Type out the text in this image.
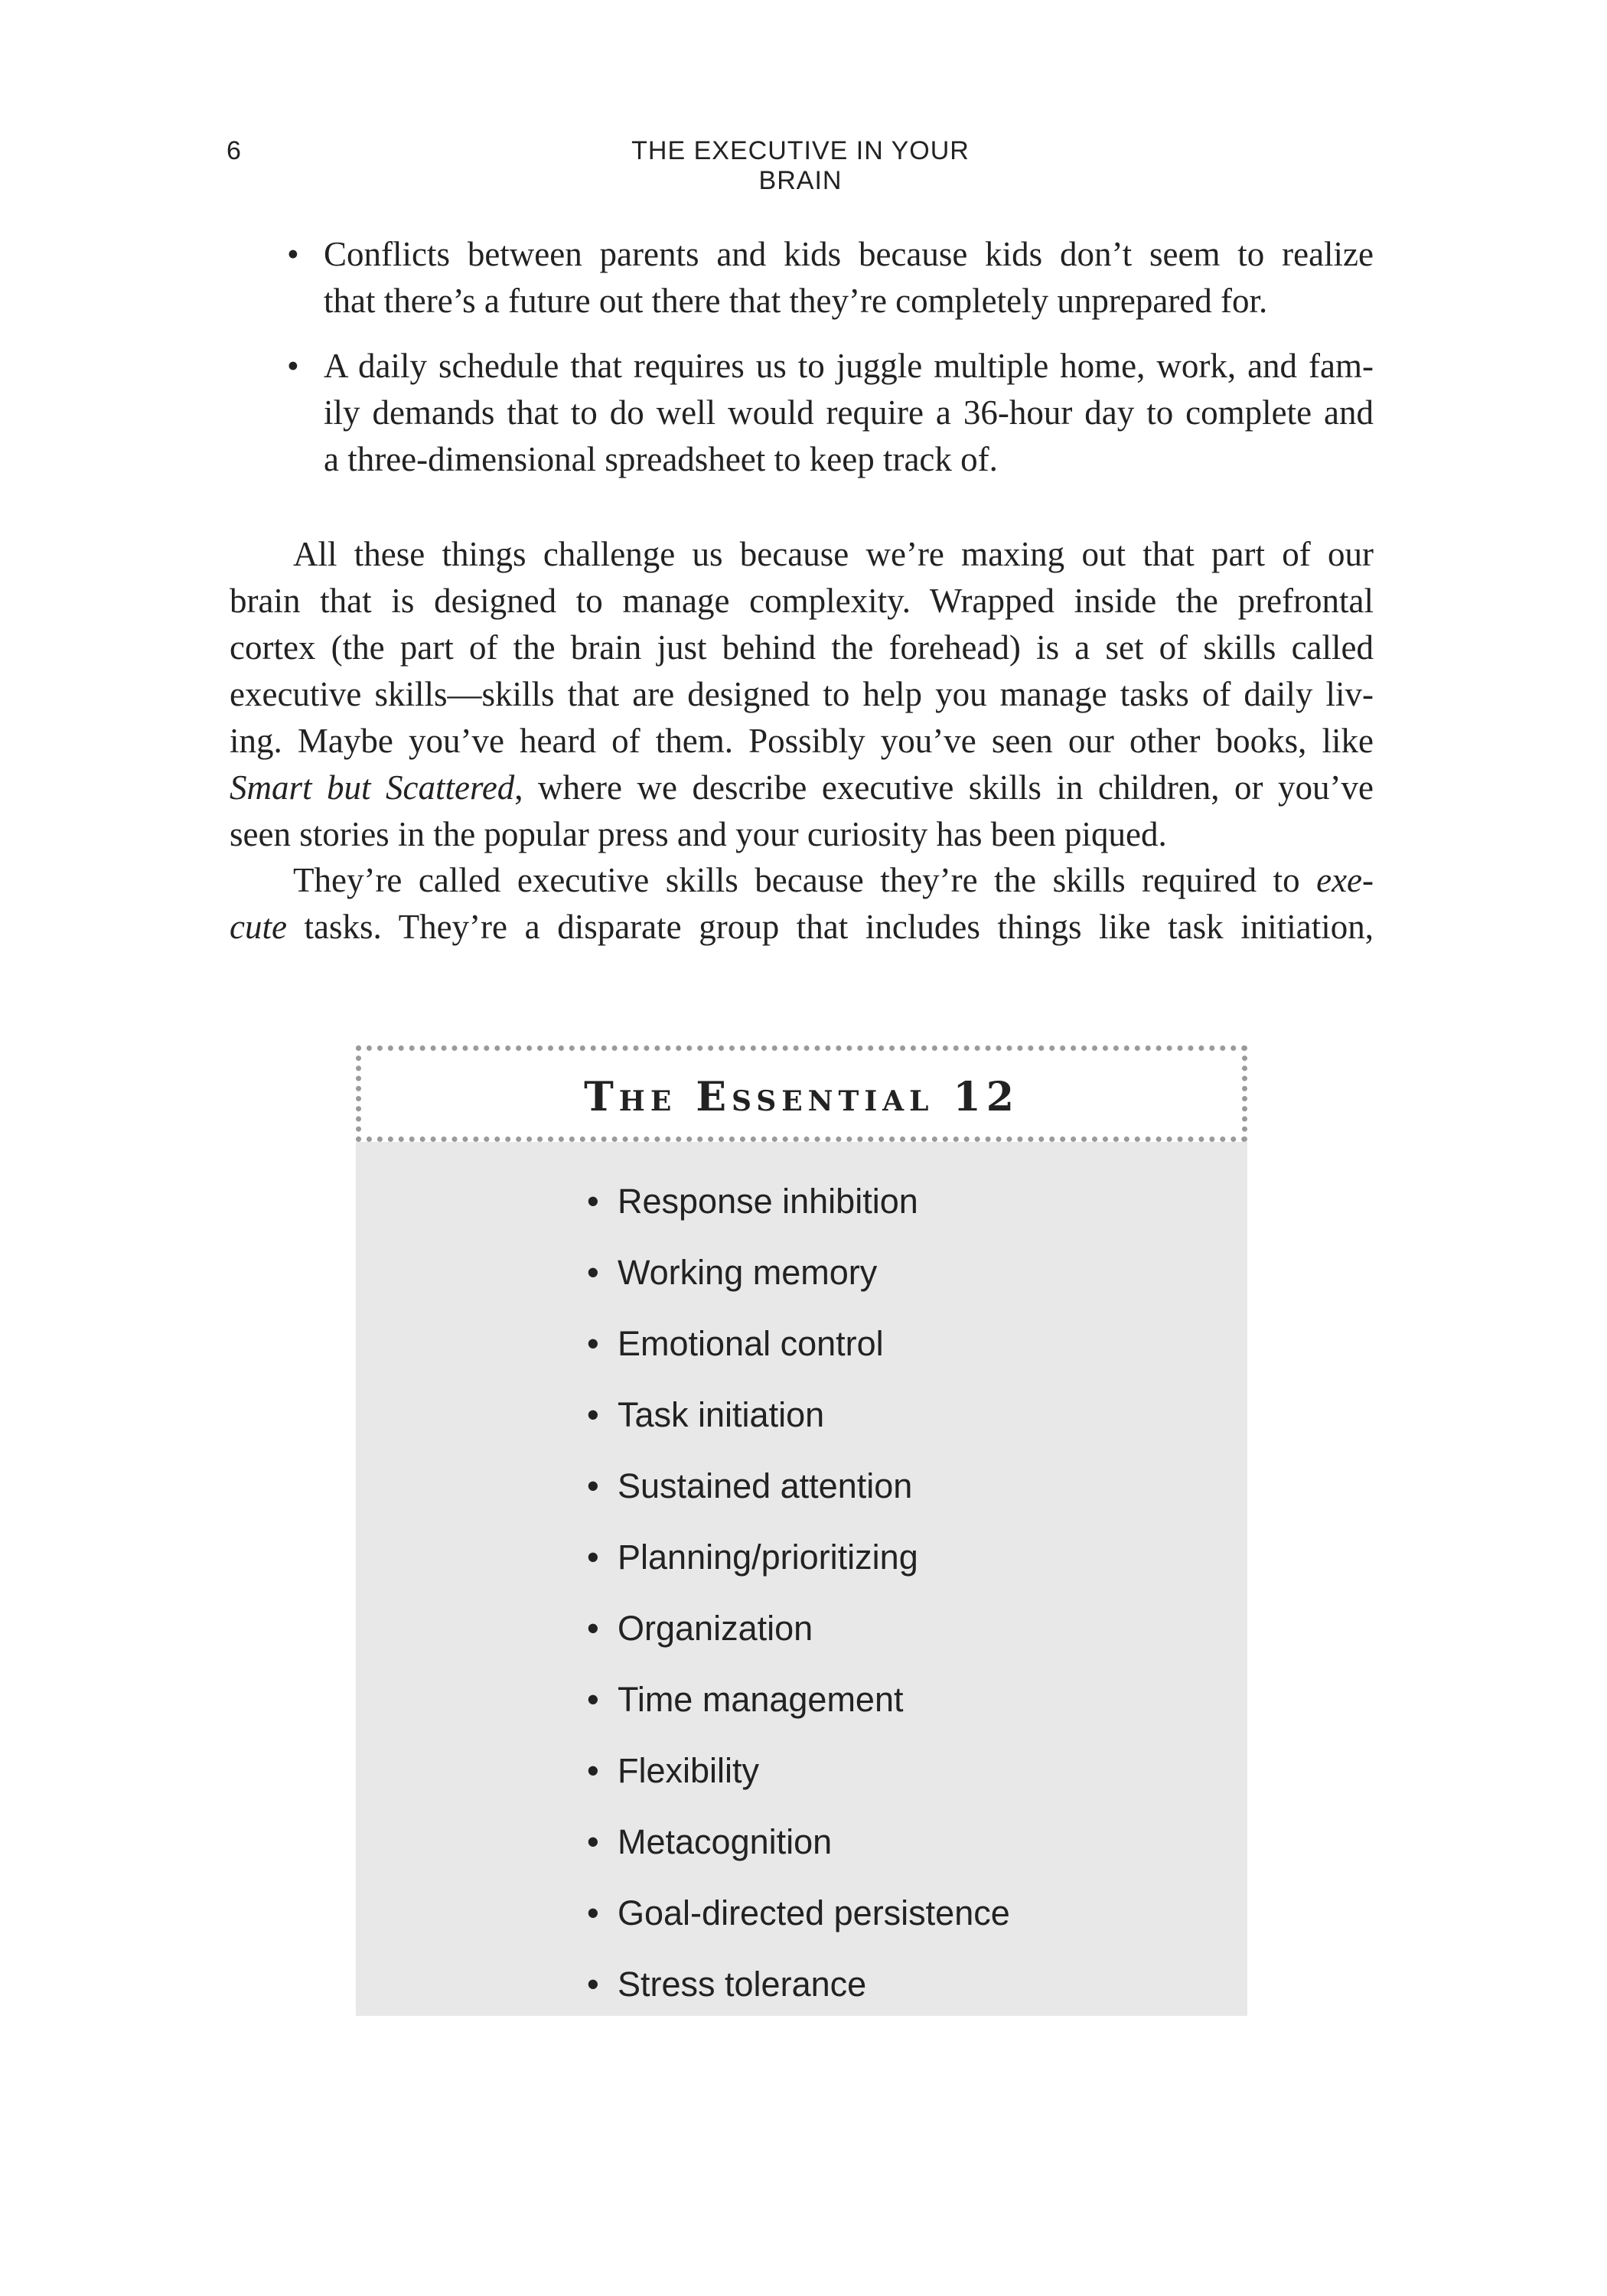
6	THE EXECUTIVE IN YOUR BRAIN
• Conflicts between parents and kids because kids don’t seem to realize
that there’s a future out there that they’re completely unprepared for.
• A daily schedule that requires us to juggle multiple home, work, and fam-
ily demands that to do well would require a 36-hour day to complete and
a three-dimensional spreadsheet to keep track of.
All these things challenge us because we’re maxing out that part of our
brain that is designed to manage complexity. Wrapped inside the prefrontal
cortex (the part of the brain just behind the forehead) is a set of skills called
executive skills—skills that are designed to help you manage tasks of daily liv-
ing. Maybe you’ve heard of them. Possibly you’ve seen our other books, like
Smart but Scattered, where we describe executive skills in children, or you’ve
seen stories in the popular press and your curiosity has been piqued.
They’re called executive skills because they’re the skills required to exe-
cute tasks. They’re a disparate group that includes things like task initiation,
The Essential 12
• Response inhibition
• Working memory
• Emotional control
• Task initiation
• Sustained attention
• Planning/prioritizing
• Organization
• Time management
• Flexibility
• Metacognition
• Goal-directed persistence
• Stress tolerance
